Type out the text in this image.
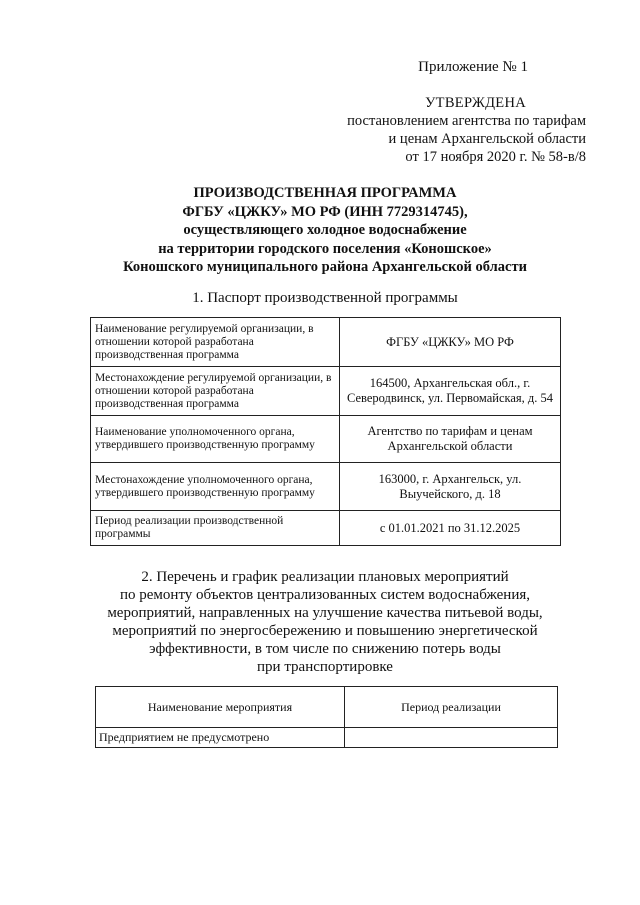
Приложение № 1
УТВЕРЖДЕНА
постановлением агентства по тарифам
и ценам Архангельской области
от 17 ноября 2020 г. № 58-в/8
ПРОИЗВОДСТВЕННАЯ ПРОГРАММА
ФГБУ «ЦЖКУ» МО РФ (ИНН 7729314745),
осуществляющего холодное водоснабжение
на территории городского поселения «Коношское»
Коношского муниципального района Архангельской области
1. Паспорт производственной программы
Наименование регулируемой организации, в отношении которой разработана производственная программа	ФГБУ «ЦЖКУ» МО РФ
Местонахождение регулируемой организации, в отношении которой разработана производственная программа	164500, Архангельская обл., г. Северодвинск, ул. Первомайская, д. 54
Наименование уполномоченного органа, утвердившего производственную программу	Агентство по тарифам и ценам Архангельской области
Местонахождение уполномоченного органа, утвердившего производственную программу	163000, г. Архангельск, ул. Выучейского, д. 18
Период реализации производственной программы	с 01.01.2021 по 31.12.2025
2. Перечень и график реализации плановых мероприятий
по ремонту объектов централизованных систем водоснабжения,
мероприятий, направленных на улучшение качества питьевой воды,
мероприятий по энергосбережению и повышению энергетической
эффективности, в том числе по снижению потерь воды
при транспортировке
Наименование мероприятия	Период реализации
Предприятием не предусмотрено	
